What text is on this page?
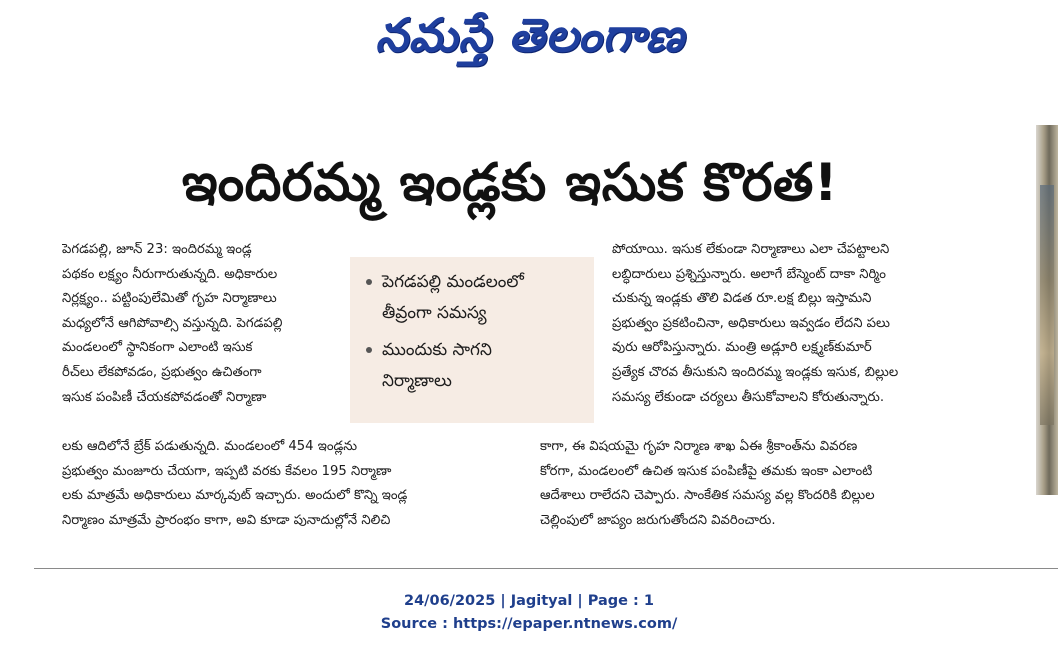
నమస్తే తెలంగాణ
ఇందిరమ్మ ఇండ్లకు ఇసుక కొరత!

పెగడపల్లి, జూన్ 23: ఇందిరమ్మ ఇండ్ల

పథకం లక్ష్యం నీరుగారుతున్నది. అధికారుల

నిర్లక్ష్యం.. పట్టింపులేమితో గృహ నిర్మాణాలు

మధ్యలోనే ఆగిపోవాల్సి వస్తున్నది. పెగడపల్లి

మండలంలో స్థానికంగా ఎలాంటి ఇసుక

రీచ్‌లు లేకపోవడం, ప్రభుత్వం ఉచితంగా

ఇసుక పంపిణీ చేయకపోవడంతో నిర్మాణా

పెగడపల్లి మండలంలో
తీవ్రంగా సమస్య
ముందుకు సాగని
నిర్మాణాలు

లకు ఆదిలోనే బ్రేక్ పడుతున్నది. మండలంలో 454 ఇండ్లను

ప్రభుత్వం మంజూరు చేయగా, ఇప్పటి వరకు కేవలం 195 నిర్మాణా

లకు మాత్రమే అధికారులు మార్కవుట్ ఇచ్చారు. అందులో కొన్ని ఇండ్ల

నిర్మాణం మాత్రమే ప్రారంభం కాగా, అవి కూడా పునాదుల్లోనే నిలిచి

పోయాయి. ఇసుక లేకుండా నిర్మాణాలు ఎలా చేపట్టాలని

లబ్ధిదారులు ప్రశ్నిస్తున్నారు. అలాగే బేస్మెంట్ దాకా నిర్మిం

చుకున్న ఇండ్లకు తొలి విడత రూ.లక్ష బిల్లు ఇస్తామని

ప్రభుత్వం ప్రకటించినా, అధికారులు ఇవ్వడం లేదని పలు

వురు ఆరోపిస్తున్నారు. మంత్రి అడ్లూరి లక్ష్మణ్‌కుమార్

ప్రత్యేక చొరవ తీసుకుని ఇందిరమ్మ ఇండ్లకు ఇసుక, బిల్లుల

సమస్య లేకుండా చర్యలు తీసుకోవాలని కోరుతున్నారు.

కాగా, ఈ విషయమై గృహ నిర్మాణ శాఖ ఏఈ శ్రీకాంత్‌ను వివరణ

కోరగా, మండలంలో ఉచిత ఇసుక పంపిణీపై తమకు ఇంకా ఎలాంటి

ఆదేశాలు రాలేదని చెప్పారు. సాంకేతిక సమస్య వల్ల కొందరికి బిల్లుల

చెల్లింపులో జాప్యం జరుగుతోందని వివరించారు.

24/06/2025 | Jagityal | Page : 1
Source : https://epaper.ntnews.com/
